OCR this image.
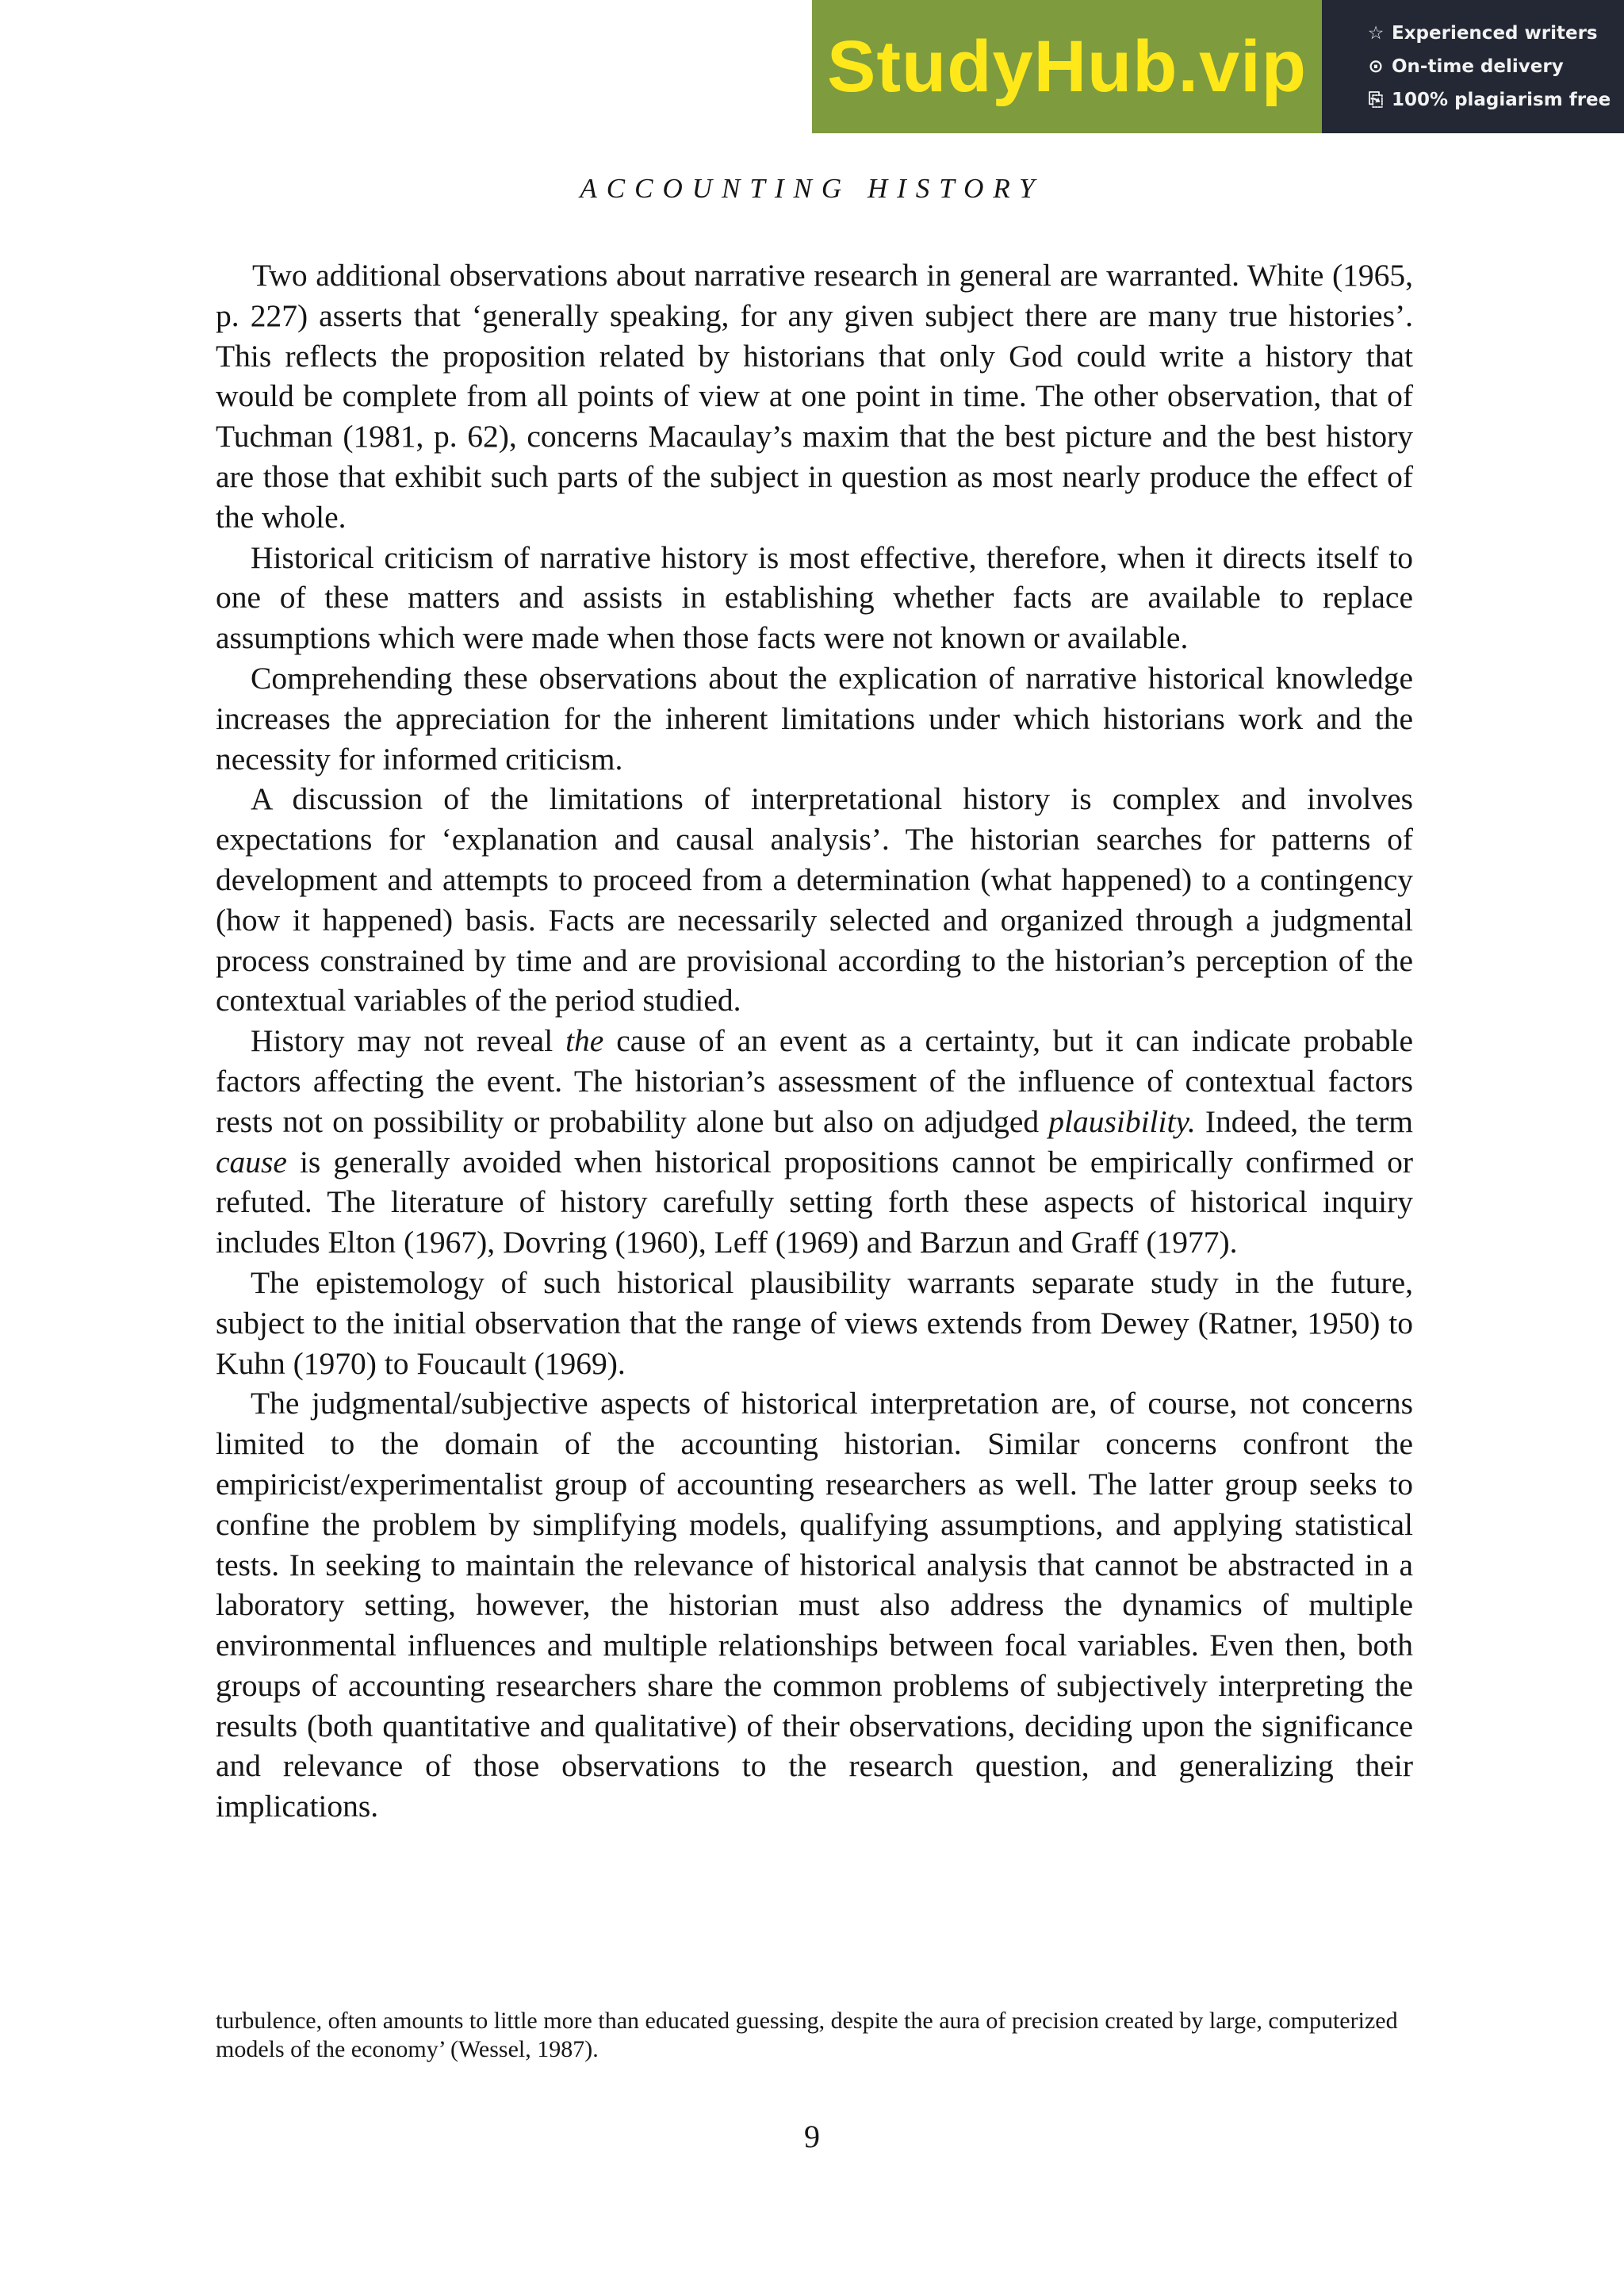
StudyHub.vip	☆ Experienced writers
⊙ On-time delivery
⎘ 100% plagiarism free
ACCOUNTING HISTORY

Two additional observations about narrative research in general are warranted. White (1965, p. 227) asserts that ‘generally speaking, for any given subject there are many true histories’. This reflects the proposition related by historians that only God could write a history that would be complete from all points of view at one point in time. The other observation, that of Tuchman (1981, p. 62), concerns Macaulay’s maxim that the best picture and the best history are those that exhibit such parts of the subject in question as most nearly produce the effect of the whole.

Historical criticism of narrative history is most effective, therefore, when it directs itself to one of these matters and assists in establishing whether facts are available to replace assumptions which were made when those facts were not known or available.

Comprehending these observations about the explication of narrative historical knowledge increases the appreciation for the inherent limitations under which historians work and the necessity for informed criticism.

A discussion of the limitations of interpretational history is complex and involves expectations for ‘explanation and causal analysis’. The historian searches for patterns of development and attempts to proceed from a determination (what happened) to a contingency (how it happened) basis. Facts are necessarily selected and organized through a judgmental process constrained by time and are provisional according to the historian’s perception of the contextual variables of the period studied.

History may not reveal the cause of an event as a certainty, but it can indicate probable factors affecting the event. The historian’s assessment of the influence of contextual factors rests not on possibility or probability alone but also on adjudged plausibility. Indeed, the term cause is generally avoided when historical propositions cannot be empirically confirmed or refuted. The literature of history carefully setting forth these aspects of historical inquiry includes Elton (1967), Dovring (1960), Leff (1969) and Barzun and Graff (1977).

The epistemology of such historical plausibility warrants separate study in the future, subject to the initial observation that the range of views extends from Dewey (Ratner, 1950) to Kuhn (1970) to Foucault (1969).

The judgmental/subjective aspects of historical interpretation are, of course, not concerns limited to the domain of the accounting historian. Similar concerns confront the empiricist/experimentalist group of accounting researchers as well. The latter group seeks to confine the problem by simplifying models, qualifying assumptions, and applying statistical tests. In seeking to maintain the relevance of historical analysis that cannot be abstracted in a laboratory setting, however, the historian must also address the dynamics of multiple environmental influences and multiple relationships between focal variables. Even then, both groups of accounting researchers share the common problems of subjectively interpreting the results (both quantitative and qualitative) of their observations, deciding upon the significance and relevance of those observations to the research question, and generalizing their implications.

turbulence, often amounts to little more than educated guessing, despite the aura of precision created by large, computerized models of the economy’ (Wessel, 1987).

9
